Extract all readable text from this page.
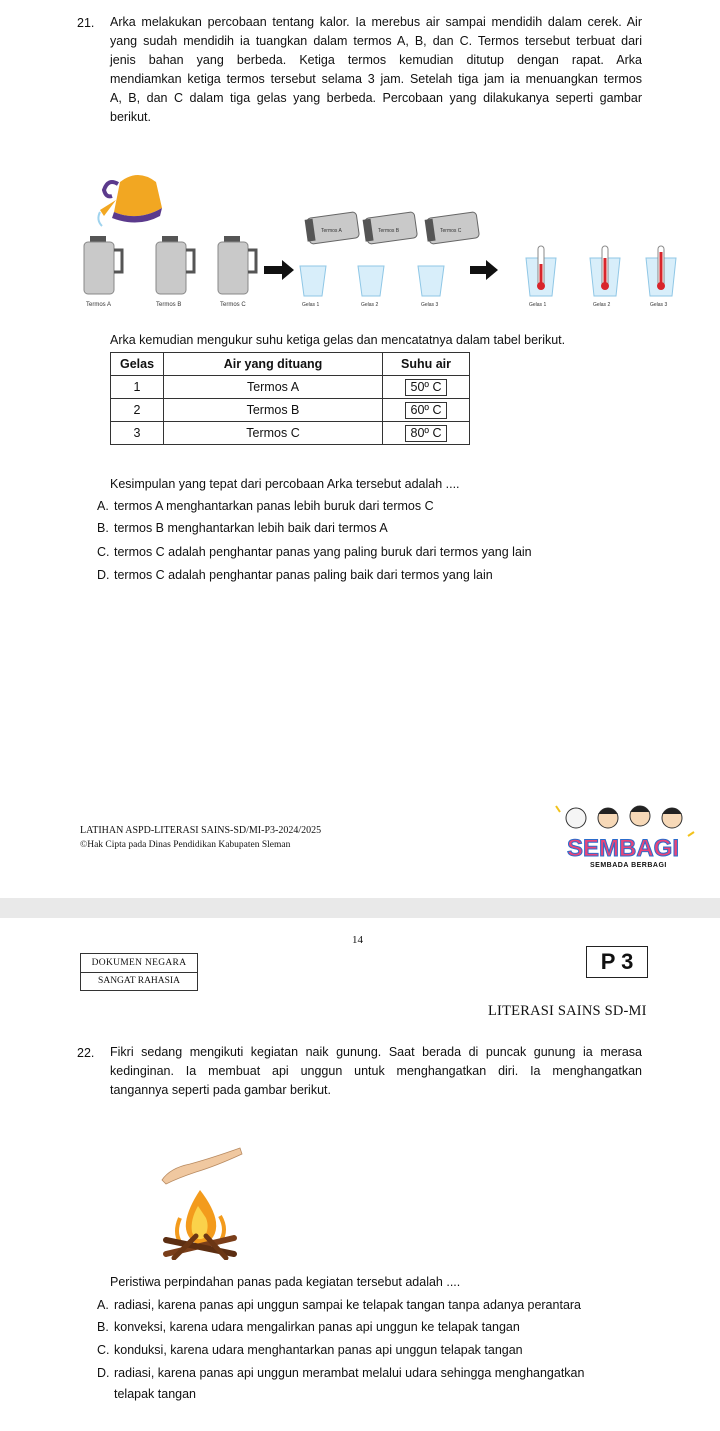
21. Arka melakukan percobaan tentang kalor. Ia merebus air sampai mendidih dalam cerek. Air
yang sudah mendidih ia tuangkan dalam termos A, B, dan C. Termos tersebut terbuat dari
jenis bahan yang berbeda. Ketiga termos kemudian ditutup dengan rapat. Arka
mendiamkan ketiga termos tersebut selama 3 jam. Setelah tiga jam ia menuangkan termos
A, B, dan C dalam tiga gelas yang berbeda. Percobaan yang dilakukanya seperti gambar
berikut.
Termos A	Termos B	Termos C
Termos A	Termos B	Termos C
Gelas 1	Gelas 2	Gelas 3	Gelas 1	Gelas 2	Gelas 3
Arka kemudian mengukur suhu ketiga gelas dan mencatatnya dalam tabel berikut.
Gelas	Air yang dituang	Suhu air
1	Termos A	50º C
2	Termos B	60º C
3	Termos C	80º C
Kesimpulan yang tepat dari percobaan Arka tersebut adalah ....
A. termos A menghantarkan panas lebih buruk dari termos C
B. termos B menghantarkan lebih baik dari termos A
C. termos C adalah penghantar panas yang paling buruk dari termos yang lain
D. termos C adalah penghantar panas paling baik dari termos yang lain
LATIHAN ASPD-LITERASI SAINS-SD/MI-P3-2024/2025
©Hak Cipta pada Dinas Pendidikan Kabupaten Sleman	SEMBAGI
SEMBADA BERBAGI
14
DOKUMEN NEGARA
SANGAT RAHASIA
P 3
LITERASI SAINS SD-MI
22. Fikri sedang mengikuti kegiatan naik gunung. Saat berada di puncak gunung ia merasa
kedinginan. Ia membuat api unggun untuk menghangatkan diri. Ia menghangatkan
tangannya seperti pada gambar berikut.
Peristiwa perpindahan panas pada kegiatan tersebut adalah ....
A. radiasi, karena panas api unggun sampai ke telapak tangan tanpa adanya perantara
B. konveksi, karena udara mengalirkan panas api unggun ke telapak tangan
C. konduksi, karena udara menghantarkan panas api unggun telapak tangan
D. radiasi, karena panas api unggun merambat melalui udara sehingga menghangatkan
telapak tangan
